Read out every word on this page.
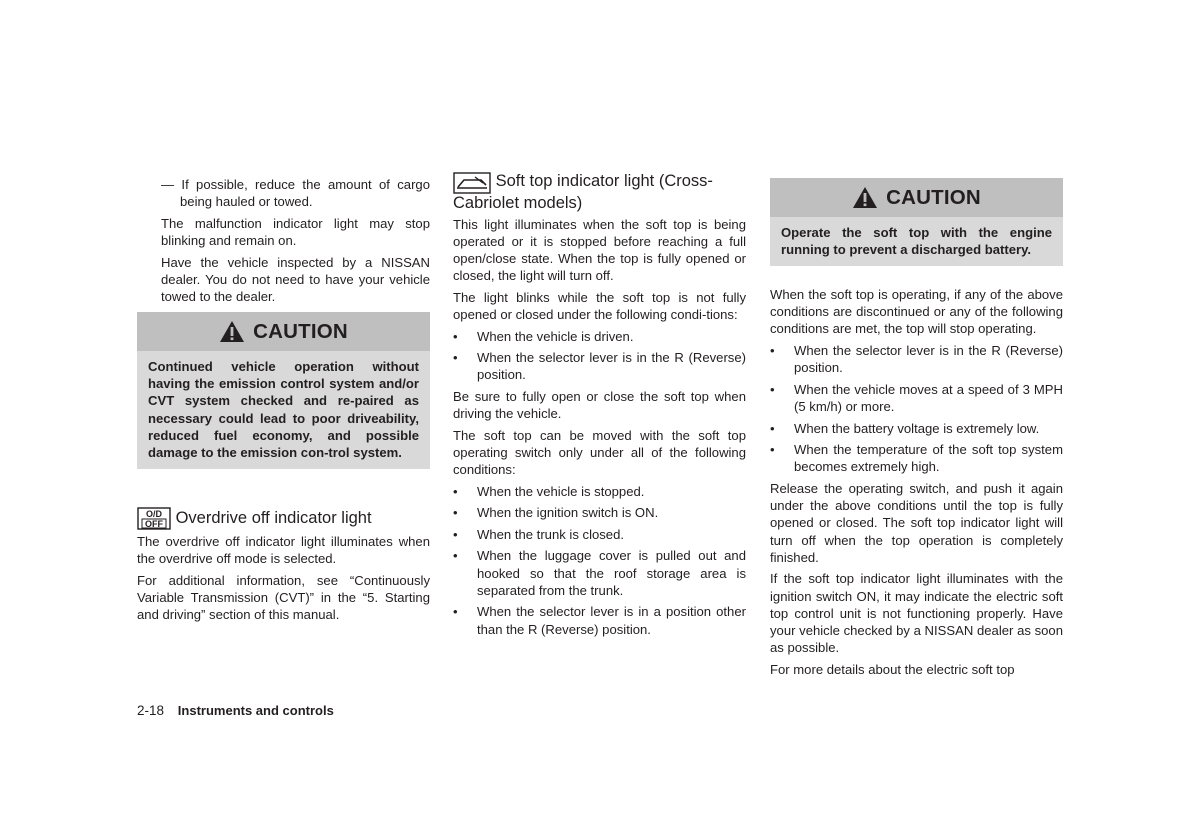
— If possible, reduce the amount of cargo being hauled or towed.

The malfunction indicator light may stop blinking and remain on.

Have the vehicle inspected by a NISSAN dealer. You do not need to have your vehicle towed to the dealer.

CAUTION
Continued vehicle operation without having the emission control system and/or CVT system checked and re-paired as necessary could lead to poor driveability, reduced fuel economy, and possible damage to the emission con-trol system.
O/D
OFF Overdrive off indicator light

The overdrive off indicator light illuminates when the overdrive off mode is selected.

For additional information, see “Continuously Variable Transmission (CVT)” in the “5. Starting and driving” section of this manual.

Soft top indicator light (Cross-
Cabriolet models)

This light illuminates when the soft top is being operated or it is stopped before reaching a full open/close state. When the top is fully opened or closed, the light will turn off.

The light blinks while the soft top is not fully opened or closed under the following condi-tions:

• When the vehicle is driven.

• When the selector lever is in the R (Reverse) position.

Be sure to fully open or close the soft top when driving the vehicle.

The soft top can be moved with the soft top operating switch only under all of the following conditions:

• When the vehicle is stopped.

• When the ignition switch is ON.

• When the trunk is closed.

• When the luggage cover is pulled out and hooked so that the roof storage area is separated from the trunk.

• When the selector lever is in a position other than the R (Reverse) position.

CAUTION
Operate the soft top with the engine running to prevent a discharged battery.

When the soft top is operating, if any of the above conditions are discontinued or any of the following conditions are met, the top will stop operating.

• When the selector lever is in the R (Reverse) position.

• When the vehicle moves at a speed of 3 MPH (5 km/h) or more.

• When the battery voltage is extremely low.

• When the temperature of the soft top system becomes extremely high.

Release the operating switch, and push it again under the above conditions until the top is fully opened or closed. The soft top indicator light will turn off when the top operation is completely finished.

If the soft top indicator light illuminates with the ignition switch ON, it may indicate the electric soft top control unit is not functioning properly. Have your vehicle checked by a NISSAN dealer as soon as possible.

For more details about the electric soft top

2-18 Instruments and controls
